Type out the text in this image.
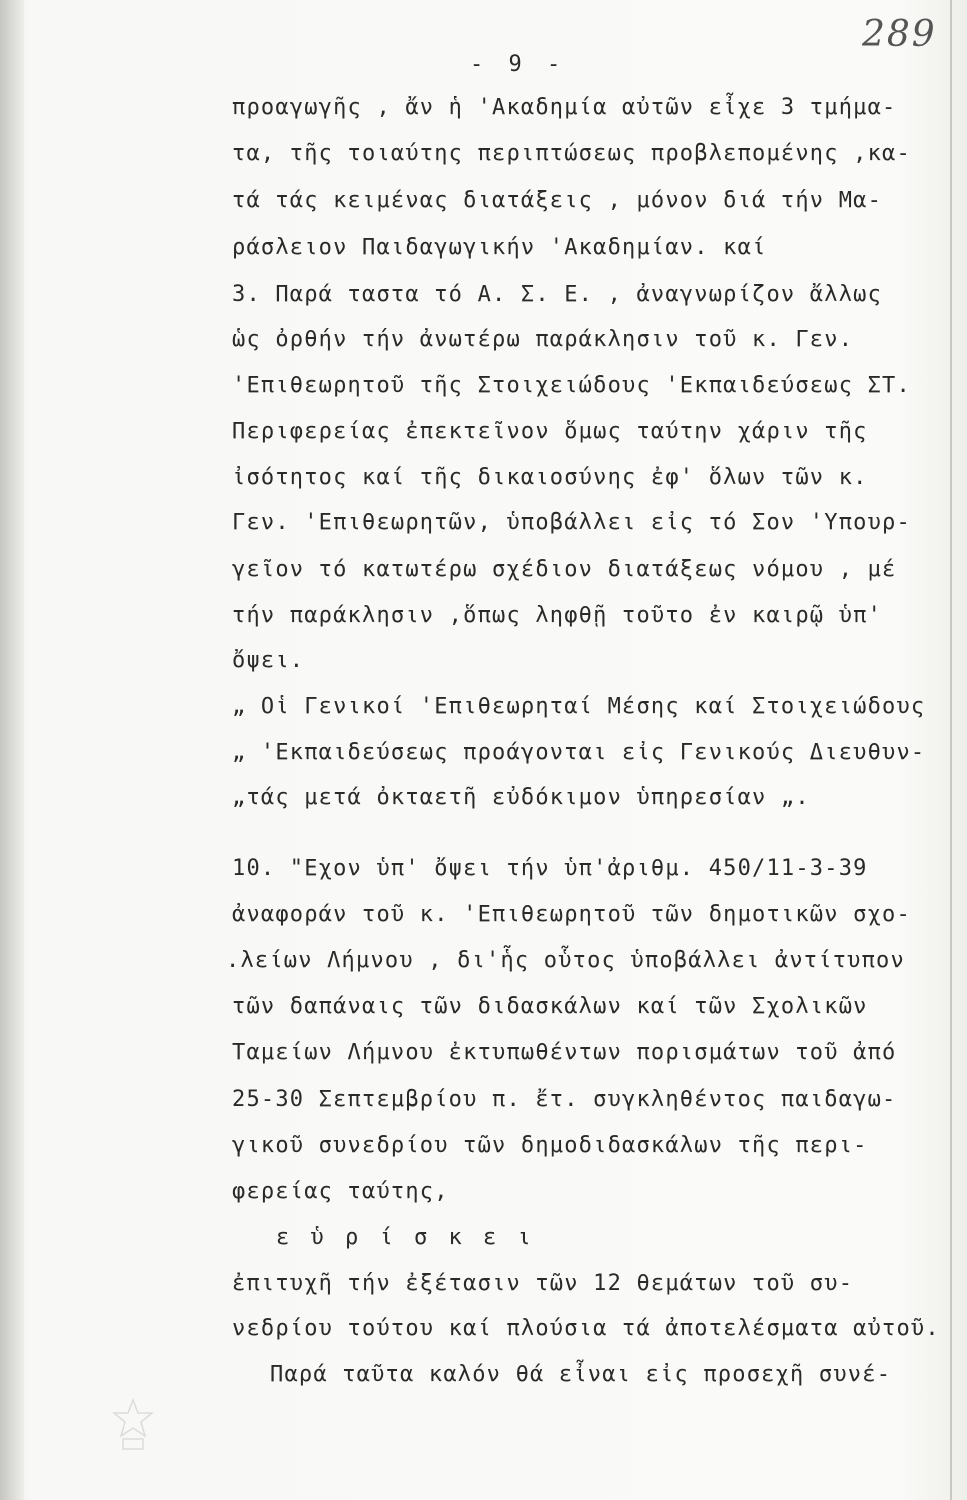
289
- 9 -
προαγωγῆς , ἄν ἡ 'Ακαδημία αὐτῶν εἶχε 3 τμήμα-
τα, τῆς τοιαύτης περιπτώσεως προβλεπομένης ,κα-
τά τάς κειμένας διατάξεις , μόνον διά τήν Μα-
ράσλειον Παιδαγωγικήν 'Ακαδημίαν. καί
3. Παρά ταστα τό Α. Σ. Ε. , ἀναγνωρίζον ἄλλως
ὡς ὀρθήν τήν ἀνωτέρω παράκλησιν τοῦ κ. Γεν.
'Επιθεωρητοῦ τῆς Στοιχειώδους 'Εκπαιδεύσεως ΣΤ.
Περιφερείας ἐπεκτεῖνον ὅμως ταύτην χάριν τῆς
ἰσότητος καί τῆς δικαιοσύνης ἐφ' ὅλων τῶν κ.
Γεν. 'Επιθεωρητῶν, ὑποβάλλει εἰς τό Σον 'Υπουρ-
γεῖον τό κατωτέρω σχέδιον διατάξεως νόμου , μέ
τήν παράκλησιν ,ὅπως ληφθῇ τοῦτο ἐν καιρῷ ὑπ'
ὄψει.
„ Οἱ Γενικοί 'Επιθεωρηταί Μέσης καί Στοιχειώδους
„ 'Εκπαιδεύσεως προάγονται εἰς Γενικούς Διευθυν-
„τάς μετά ὀκταετῆ εὐδόκιμον ὑπηρεσίαν „.
10. "Εχον ὑπ' ὄψει τήν ὑπ'ἀριθμ. 450/11-3-39
ἀναφοράν τοῦ κ. 'Επιθεωρητοῦ τῶν δημοτικῶν σχο-
.λείων Λήμνου , δι'ἧς οὗτος ὑποβάλλει ἀντίτυπον
τῶν δαπάναις τῶν διδασκάλων καί τῶν Σχολικῶν
Ταμείων Λήμνου ἐκτυπωθέντων πορισμάτων τοῦ ἀπό
25-30 Σεπτεμβρίου π. ἔτ. συγκληθέντος παιδαγω-
γικοῦ συνεδρίου τῶν δημοδιδασκάλων τῆς περι-
φερείας ταύτης,
ε ὑ ρ ί σ κ ε ι
ἐπιτυχῆ τήν ἐξέτασιν τῶν 12 θεμάτων τοῦ συ-
νεδρίου τούτου καί πλούσια τά ἀποτελέσματα αὐτοῦ.
Παρά ταῦτα καλόν θά εἶναι εἰς προσεχῆ συνέ-
